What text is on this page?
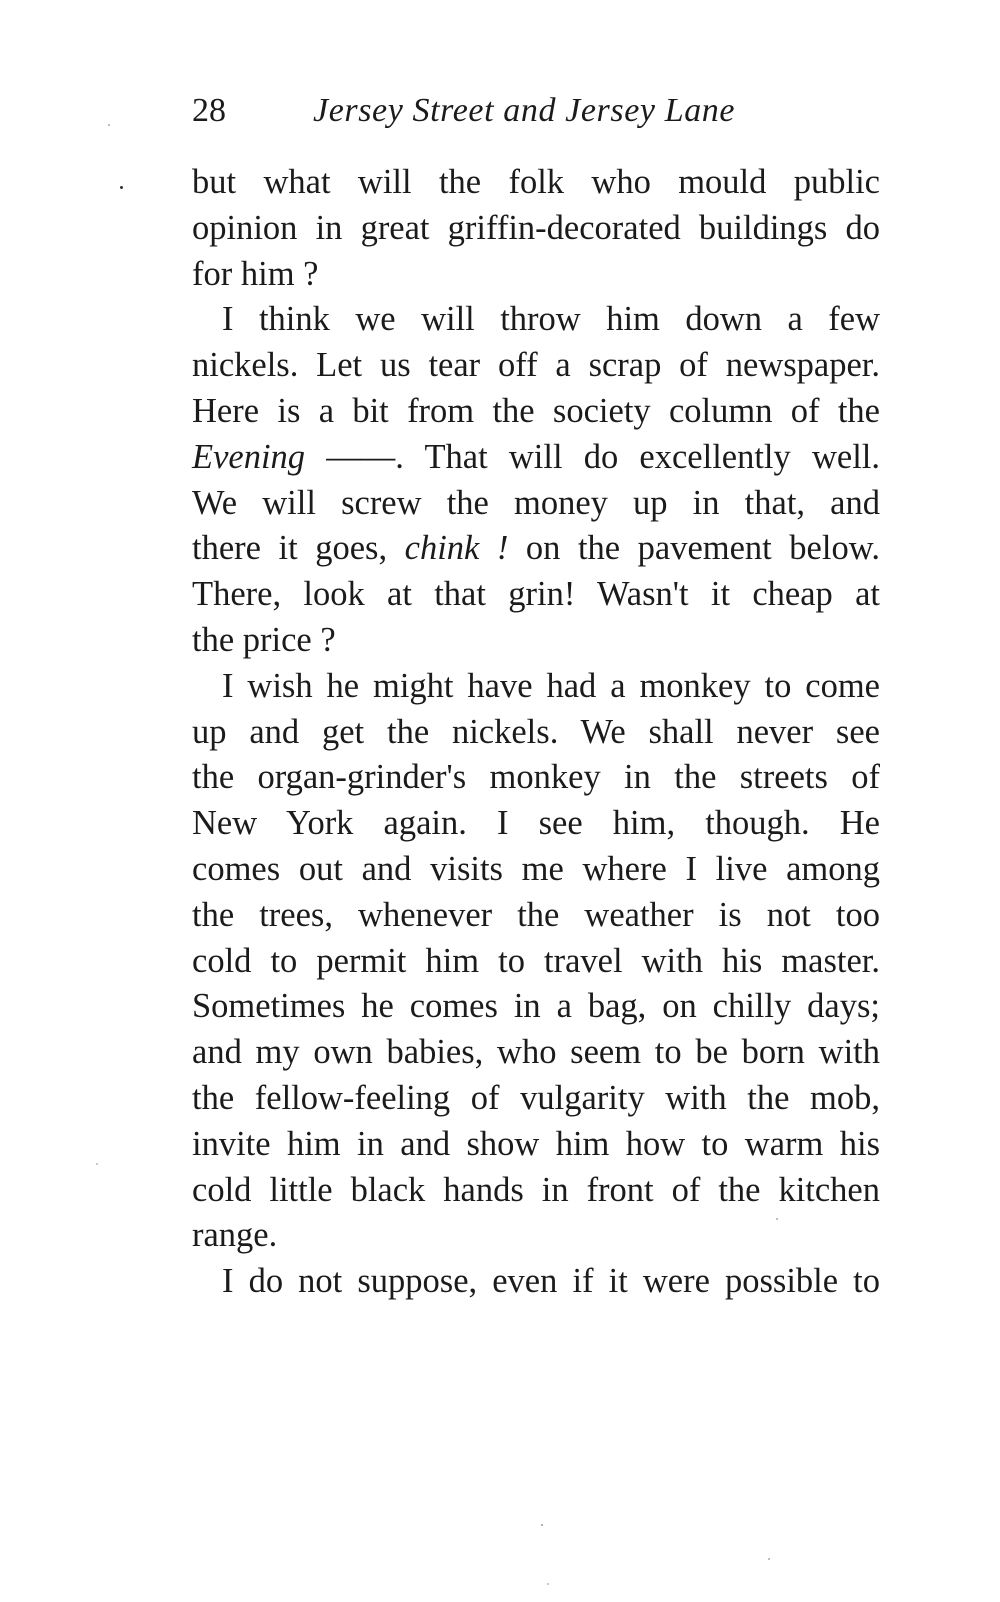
28	Jersey Street and Jersey Lane
but what will the folk who mould public
opinion in great griffin-decorated buildings do
for him ?
I think we will throw him down a few
nickels. Let us tear off a scrap of newspaper.
Here is a bit from the society column of the
Evening ——. That will do excellently well.
We will screw the money up in that, and
there it goes, chink ! on the pavement below.
There, look at that grin! Wasn't it cheap at
the price ?
I wish he might have had a monkey to come
up and get the nickels. We shall never see
the organ-grinder's monkey in the streets of
New York again. I see him, though. He
comes out and visits me where I live among
the trees, whenever the weather is not too
cold to permit him to travel with his master.
Sometimes he comes in a bag, on chilly days;
and my own babies, who seem to be born with
the fellow-feeling of vulgarity with the mob,
invite him in and show him how to warm his
cold little black hands in front of the kitchen
range.
I do not suppose, even if it were possible to
